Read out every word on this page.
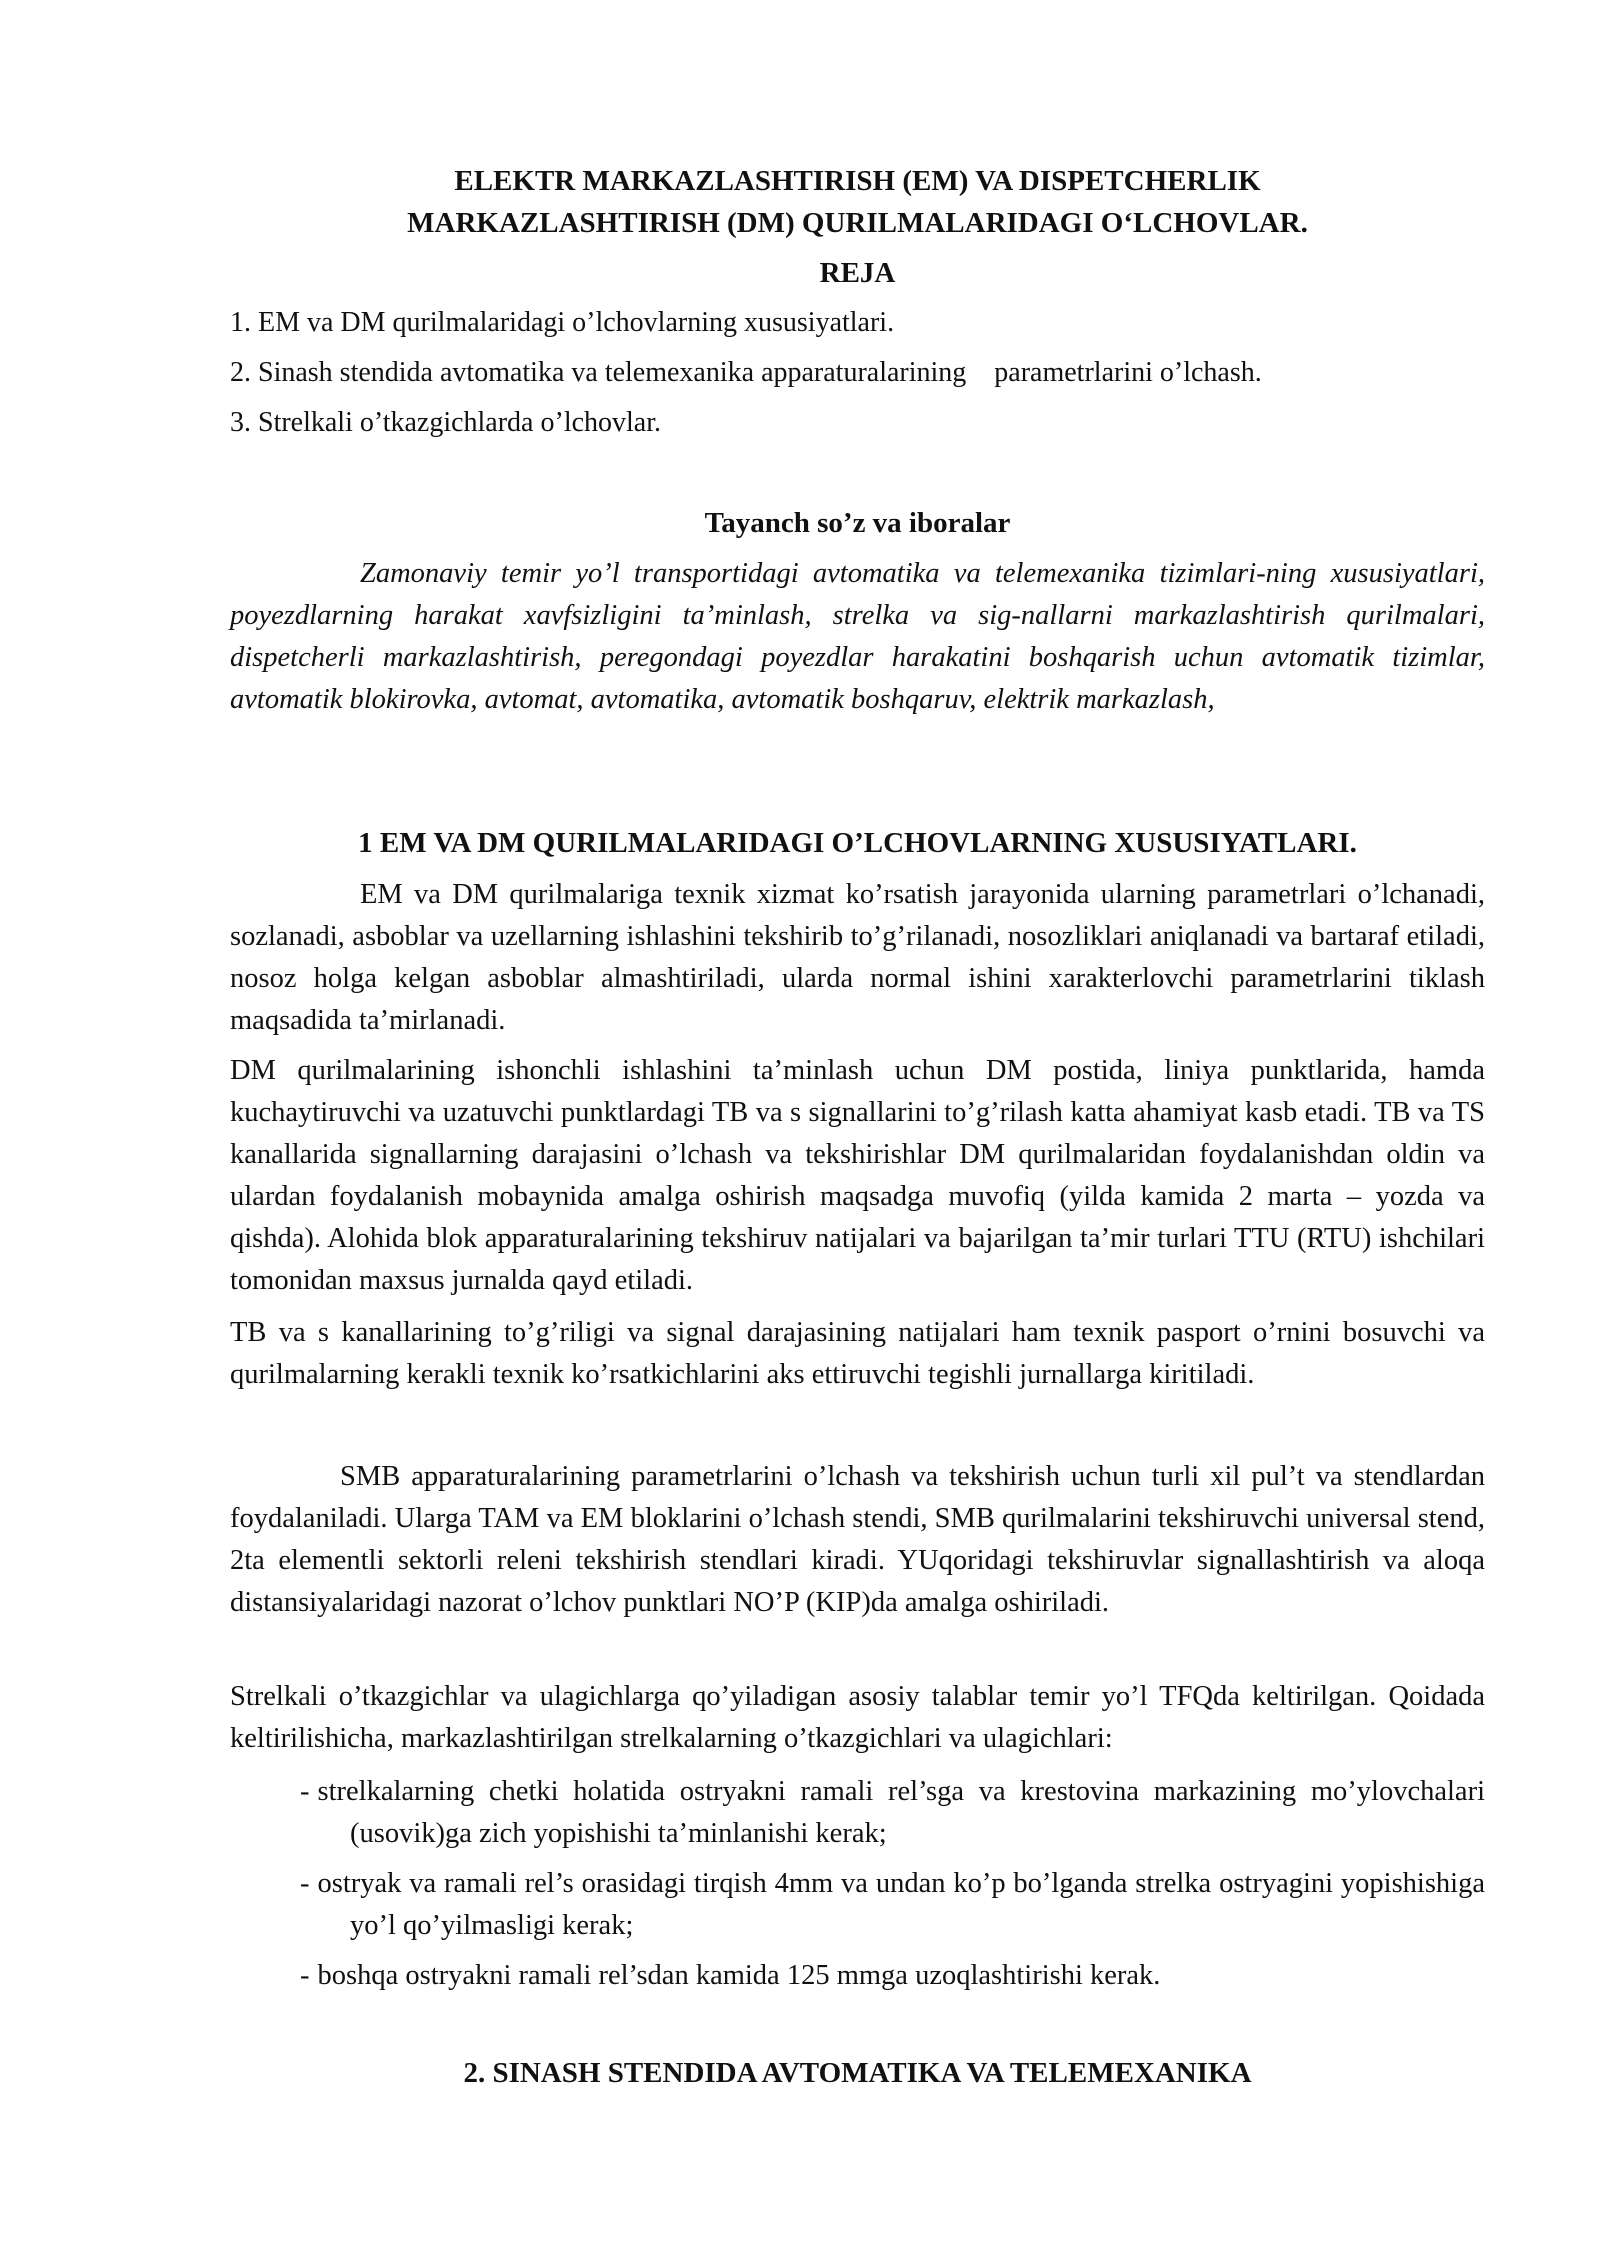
ELEKTR MARKAZLASHTIRISH (EM) VA DISPETCHERLIK

MARKAZLASHTIRISH (DM) QURILMALARIDAGI O‘LCHOVLAR.

REJA

1. EM va DM qurilmalaridagi o’lchovlarning xususiyatlari.

2. Sinash stendida avtomatika va telemexanika apparaturalarining    parametrlarini o’lchash.

3. Strelkali o’tkazgichlarda o’lchovlar.

Tayanch so’z va iboralar

Zamonaviy temir yo’l transportidagi avtomatika va telemexanika tizimlari-ning xususiyatlari, poyezdlarning harakat xavfsizligini ta’minlash, strelka va sig-nallarni markazlashtirish qurilmalari, dispetcherli markazlashtirish, peregondagi poyezdlar harakatini boshqarish uchun avtomatik tizimlar, avtomatik blokirovka, avtomat, avtomatika, avtomatik boshqaruv, elektrik markazlash,

1 EM VA DM QURILMALARIDAGI O’LCHOVLARNING XUSUSIYATLARI.

EM va DM qurilmalariga texnik xizmat ko’rsatish jarayonida ularning parametrlari o’lchanadi, sozlanadi, asboblar va uzellarning ishlashini tekshirib to’g’rilanadi, nosozliklari aniqlanadi va bartaraf etiladi, nosoz holga kelgan asboblar almashtiriladi, ularda normal ishini xarakterlovchi parametrlarini tiklash maqsadida ta’mirlanadi.

DM qurilmalarining ishonchli ishlashini ta’minlash uchun DM postida, liniya punktlarida, hamda kuchaytiruvchi va uzatuvchi punktlardagi TB va s signallarini to’g’rilash katta ahamiyat kasb etadi. TB va TS kanallarida signallarning darajasini o’lchash va tekshirishlar DM qurilmalaridan foydalanishdan oldin va ulardan foydalanish mobaynida amalga oshirish maqsadga muvofiq (yilda kamida 2 marta – yozda va qishda). Alohida blok apparaturalarining tekshiruv natijalari va bajarilgan ta’mir turlari TTU (RTU) ishchilari tomonidan maxsus jurnalda qayd etiladi.

TB va s kanallarining to’g’riligi va signal darajasining natijalari ham texnik pasport o’rnini bosuvchi va qurilmalarning kerakli texnik ko’rsatkichlarini aks ettiruvchi tegishli jurnallarga kiritiladi.

SMB apparaturalarining parametrlarini o’lchash va tekshirish uchun turli xil pul’t va stendlardan foydalaniladi. Ularga TAM va EM bloklarini o’lchash stendi, SMB qurilmalarini tekshiruvchi universal stend, 2ta elementli sektorli releni tekshirish stendlari kiradi. YUqoridagi tekshiruvlar signallashtirish va aloqa distansiyalaridagi nazorat o’lchov punktlari NO’P (KIP)da amalga oshiriladi.

Strelkali o’tkazgichlar va ulagichlarga qo’yiladigan asosiy talablar temir yo’l TFQda keltirilgan. Qoidada keltirilishicha, markazlashtirilgan strelkalarning o’tkazgichlari va ulagichlari:

- strelkalarning chetki holatida ostryakni ramali rel’sga va krestovina markazining mo’ylovchalari (usovik)ga zich yopishishi ta’minlanishi kerak;

- ostryak va ramali rel’s orasidagi tirqish 4mm va undan ko’p bo’lganda strelka ostryagini yopishishiga yo’l qo’yilmasligi kerak;

- boshqa ostryakni ramali rel’sdan kamida 125 mmga uzoqlashtirishi kerak.

2. SINASH STENDIDA AVTOMATIKA VA TELEMEXANIKA
